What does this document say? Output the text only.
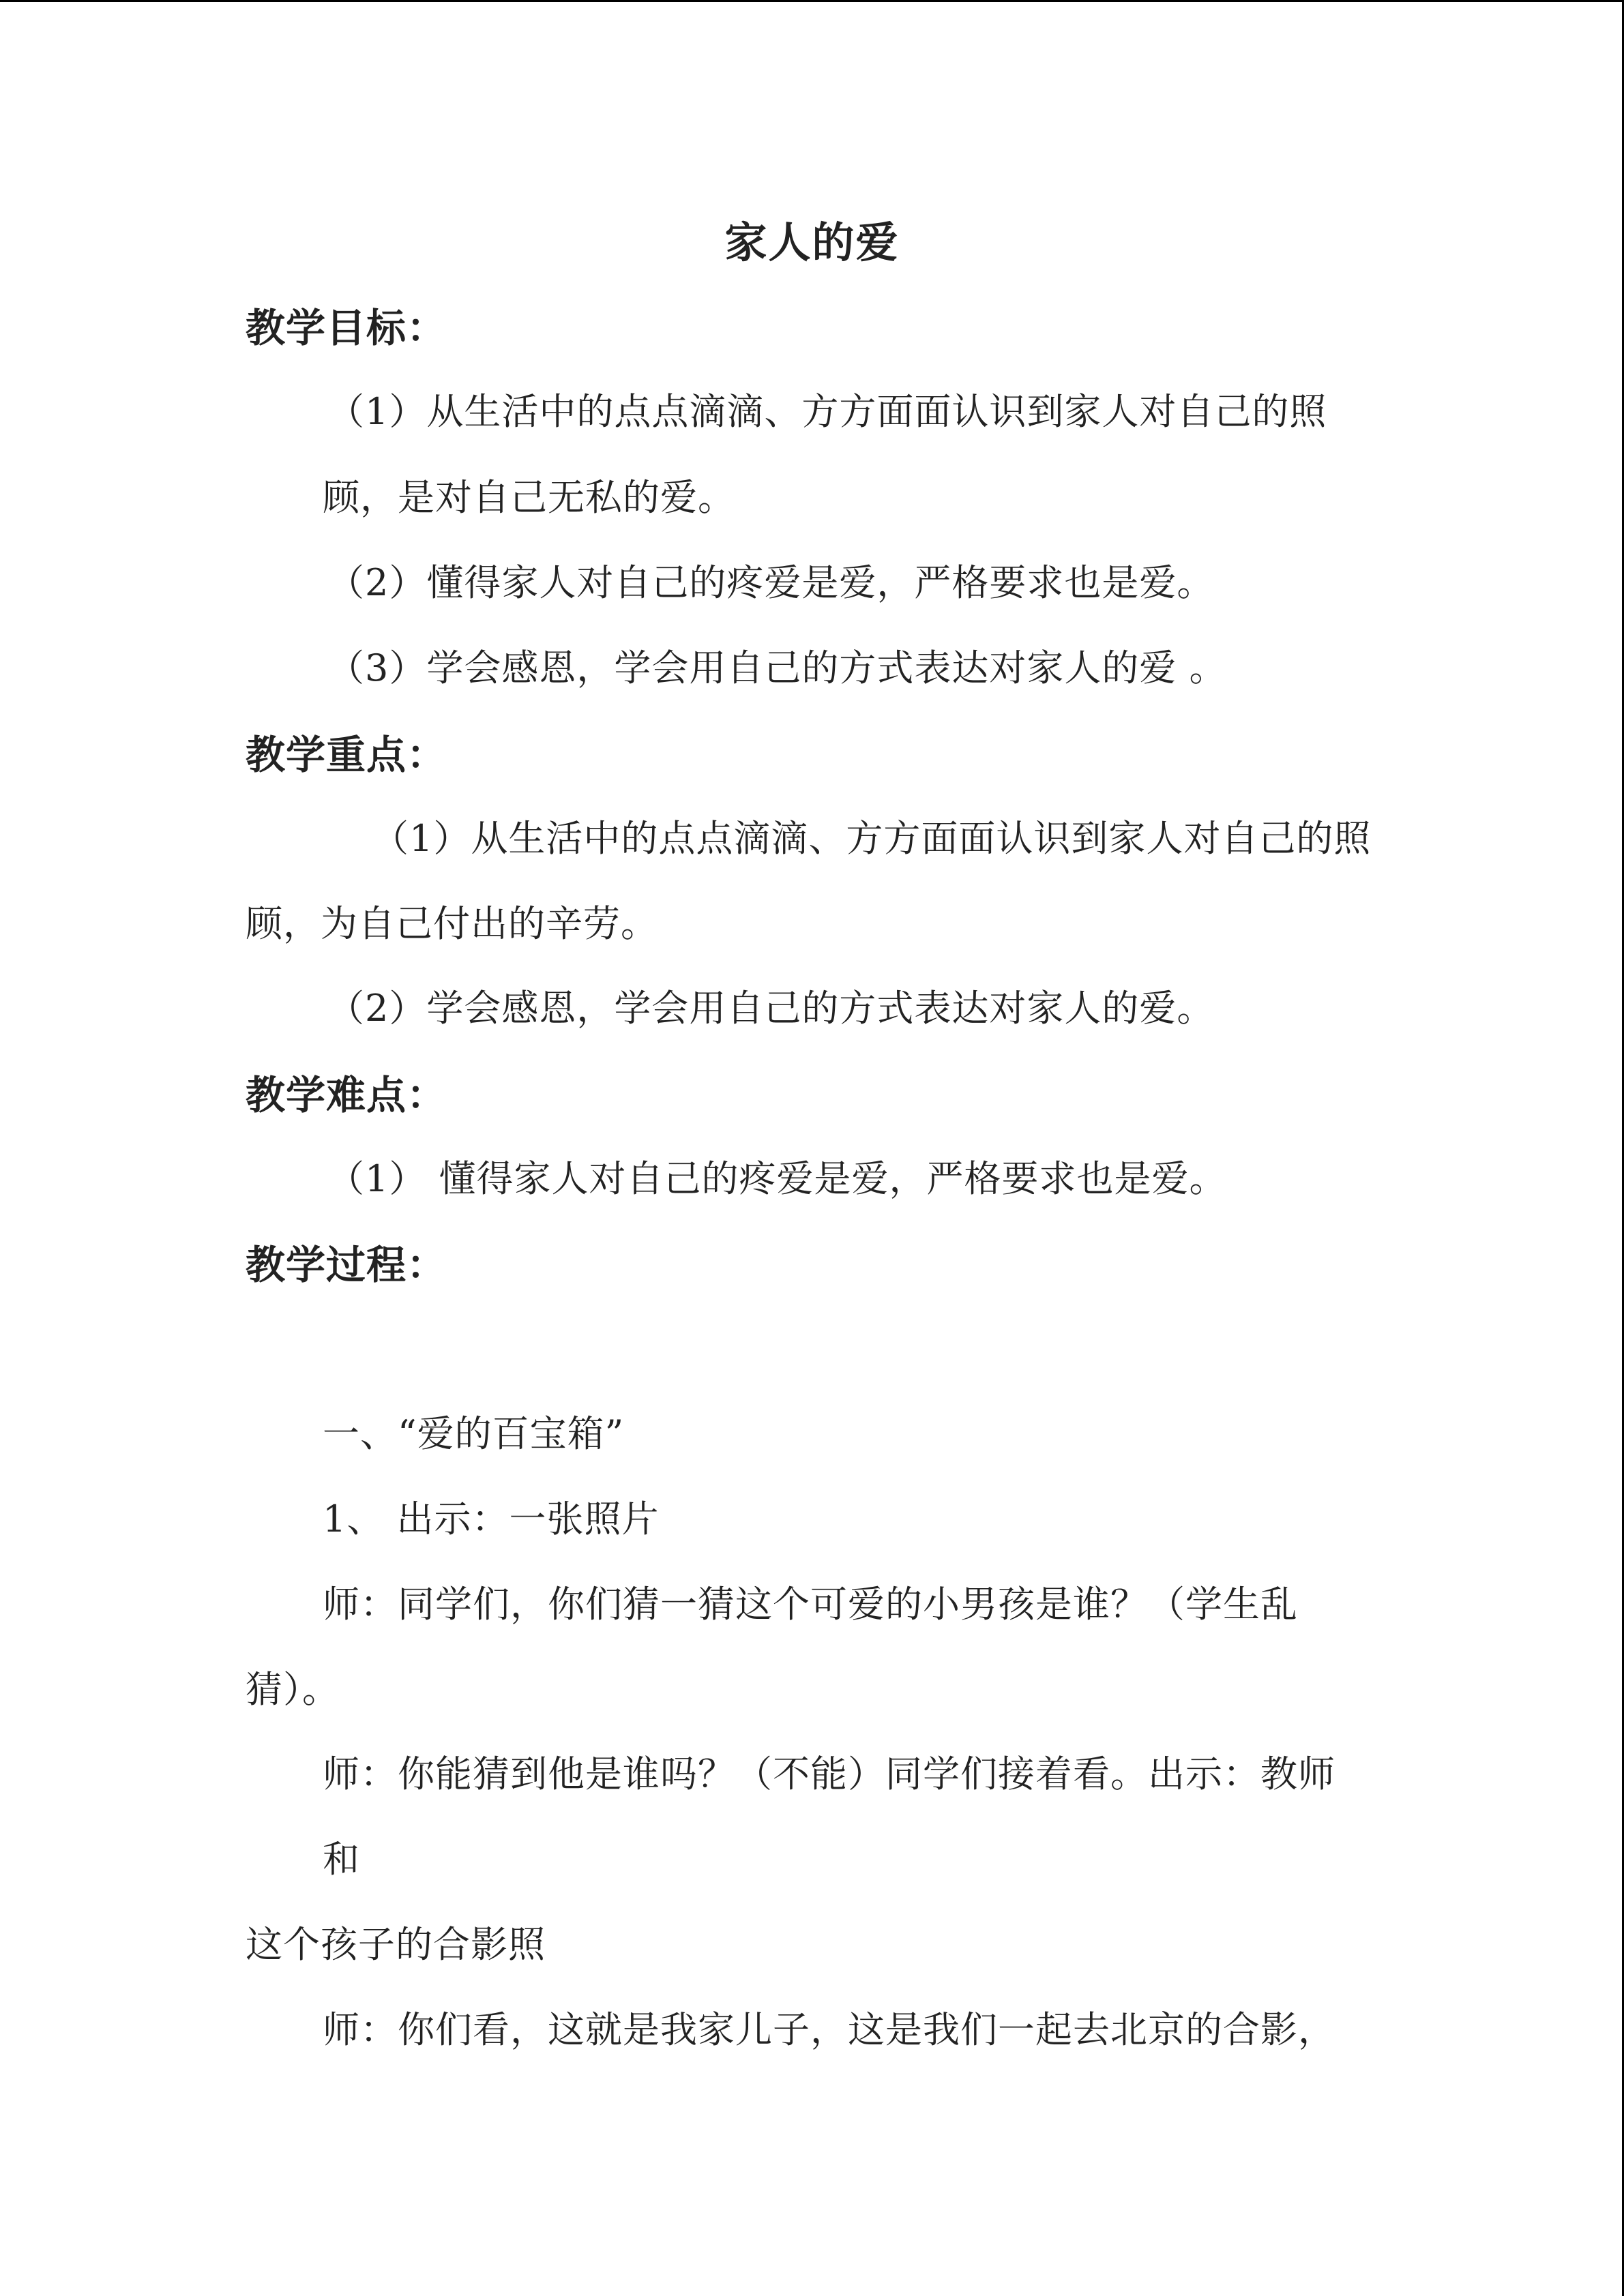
家人的爱
教学目标：
（1）从生活中的点点滴滴、方方面面认识到家人对自己的照
顾，是对自己无私的爱。
（2）懂得家人对自己的疼爱是爱，严格要求也是爱。
（3）学会感恩，学会用自己的方式表达对家人的爱 。
教学重点：
（1）从生活中的点点滴滴、方方面面认识到家人对自己的照
顾，为自己付出的辛劳。
（2）学会感恩，学会用自己的方式表达对家人的爱。
教学难点：
（1） 懂得家人对自己的疼爱是爱，严格要求也是爱。
教学过程：
一、“爱的百宝箱”
1、 出示：一张照片
师：同学们，你们猜一猜这个可爱的小男孩是谁？（学生乱
猜）。
师：你能猜到他是谁吗？（不能）同学们接着看。出示：教师
和
这个孩子的合影照
师：你们看，这就是我家儿子，这是我们一起去北京的合影，
